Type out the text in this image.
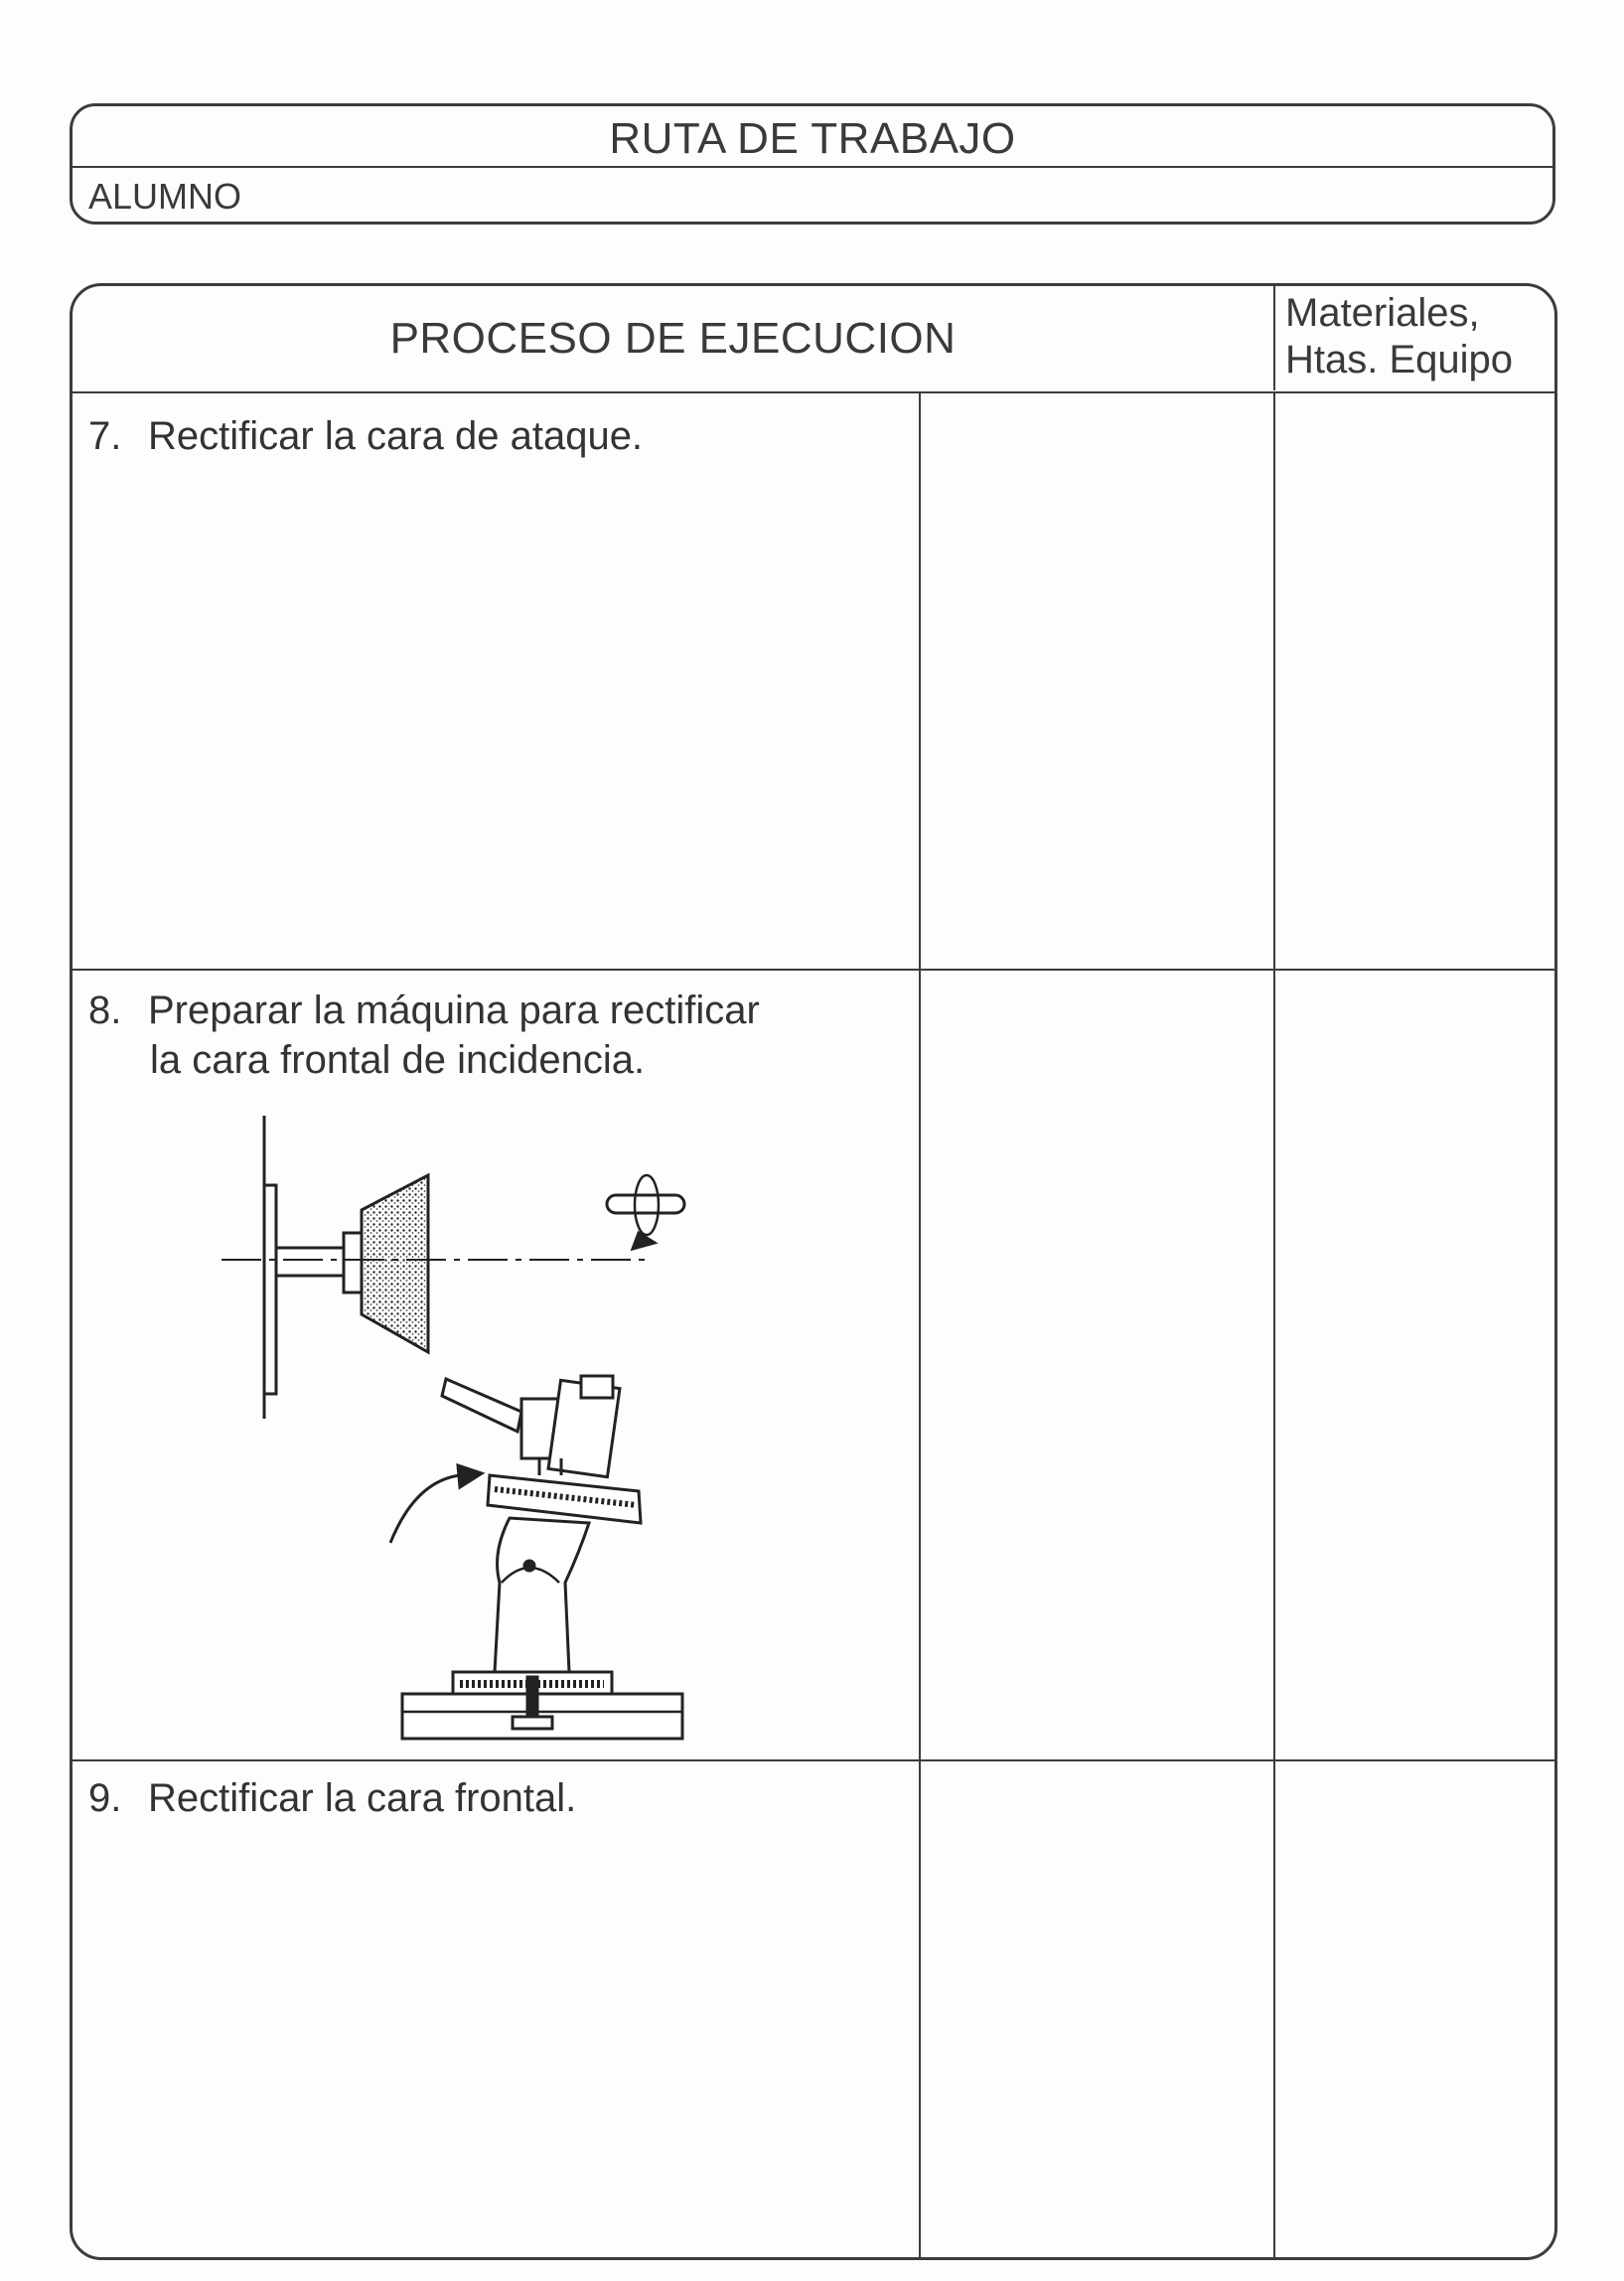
RUTA DE TRABAJO
ALUMNO
PROCESO DE EJECUCION
Materiales,
Htas. Equipo
7. Rectificar la cara de ataque.
8. Preparar la máquina para rectificar
la cara frontal de incidencia.
9. Rectificar la cara frontal.
